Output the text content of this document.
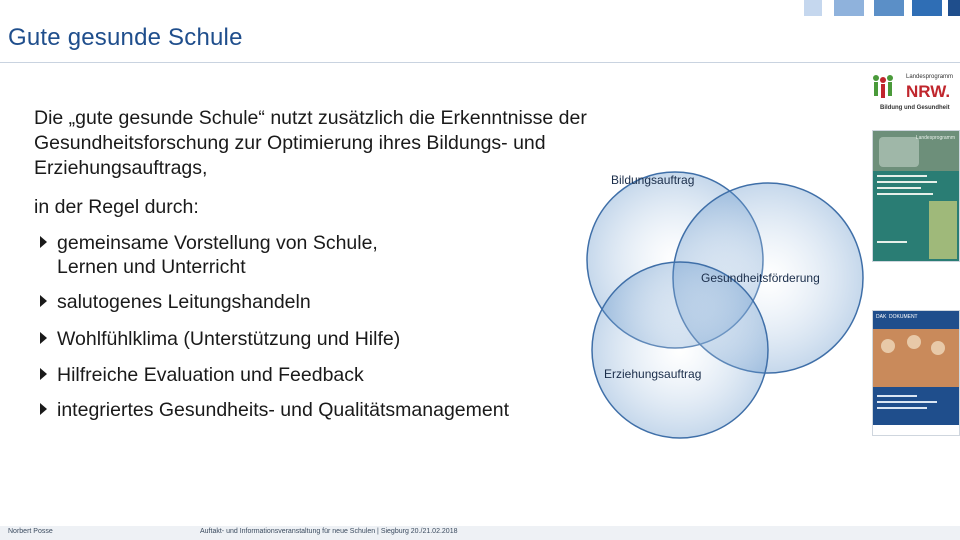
Gute gesunde Schule
Die „gute gesunde Schule“ nutzt zusätzlich die Erkenntnisse der Gesundheitsforschung zur Optimierung ihres Bildungs- und Erziehungsauftrags,
in der Regel durch:
gemeinsame Vorstellung von Schule,
Lernen und Unterricht
salutogenes Leitungshandeln
Wohlfühlklima (Unterstützung und Hilfe)
Hilfreiche Evaluation und Feedback
integriertes Gesundheits- und Qualitätsmanagement
Bildungsauftrag
Gesundheitsförderung
Erziehungsauftrag
Landesprogramm
NRW.
Bildung und Gesundheit
Landesprogramm
DAK DOKUMENT
Norbert Posse	Auftakt- und Informationsveranstaltung für neue Schulen | Siegburg 20./21.02.2018
